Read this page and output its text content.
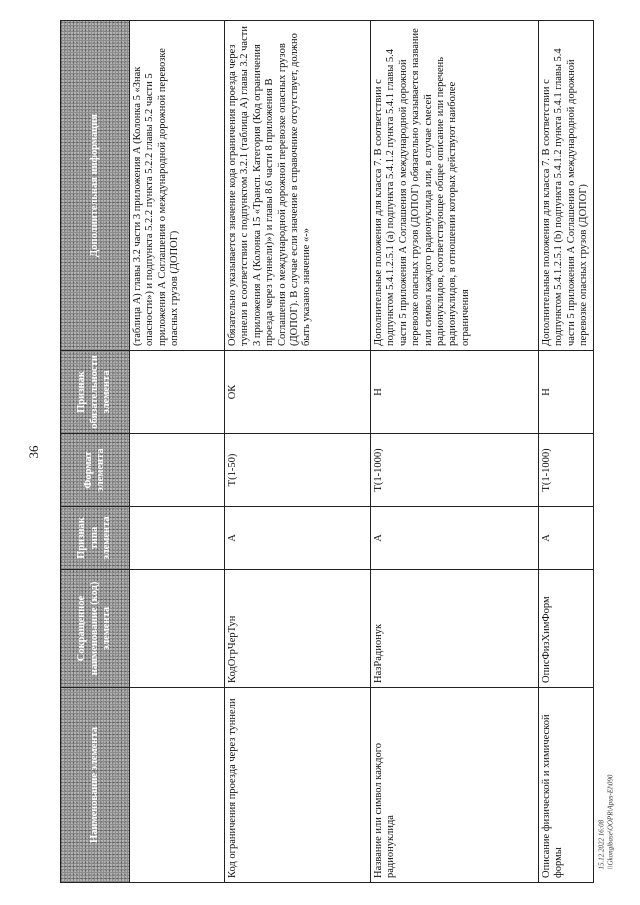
36
15.12.2022 16:08 \\Gkonglbase\OOPR\Apus-El\090
Наименование элемента	Сокращенное наименование (код) элемента	Признак типа элемента	Формат элемента	Признак обязательности элемента	Дополнительная информация
					(таблица А) главы 3.2 части 3 приложения А (Колонка 5 «Знак опасности») и подпункта 5.2.2 пункта 5.2.2 главы 5.2 части 5 приложения А Соглашения о международной дорожной перевозке опасных грузов (ДОПОГ)
Код ограничения проезда через туннели	КодОгрЧерТун	А	T(1-50)	ОК	Обязательно указывается значение кода ограничения проезда через туннели в соответствии с подпунктом 3.2.1 (таблица А) главы 3.2 части 3 приложения А (Колонка 15 «Трансп. Категория (Код ограничения проезда через туннели)») и главы 8.6 части 8 приложения В Соглашения о международной дорожной перевозке опасных грузов (ДОПОГ). В случае если значение в справочнике отсутствует, должно быть указано значение «-»
Название или символ каждого радионуклида	НазРадионук	А	T(1-1000)	Н	Дополнительные положения для класса 7. В соответствии с подпунктом 5.4.1.2.5.1 (а) подпункта 5.4.1.2 пункта 5.4.1 главы 5.4 части 5 приложения А Соглашения о международной дорожной перевозке опасных грузов (ДОПОГ) обязательно указывается название или символ каждого радионуклида или, в случае смесей радионуклидов, соответствующее общее описание или перечень радионуклидов, в отношении которых действуют наиболее ограничения
Описание физической и химической формы	ОписФизХимФорм	А	T(1-1000)	Н	Дополнительные положения для класса 7. В соответствии с подпунктом 5.4.1.2.5.1 (b) подпункта 5.4.1.2 пункта 5.4.1 главы 5.4 части 5 приложения А Соглашения о международной дорожной перевозке опасных грузов (ДОПОГ)
